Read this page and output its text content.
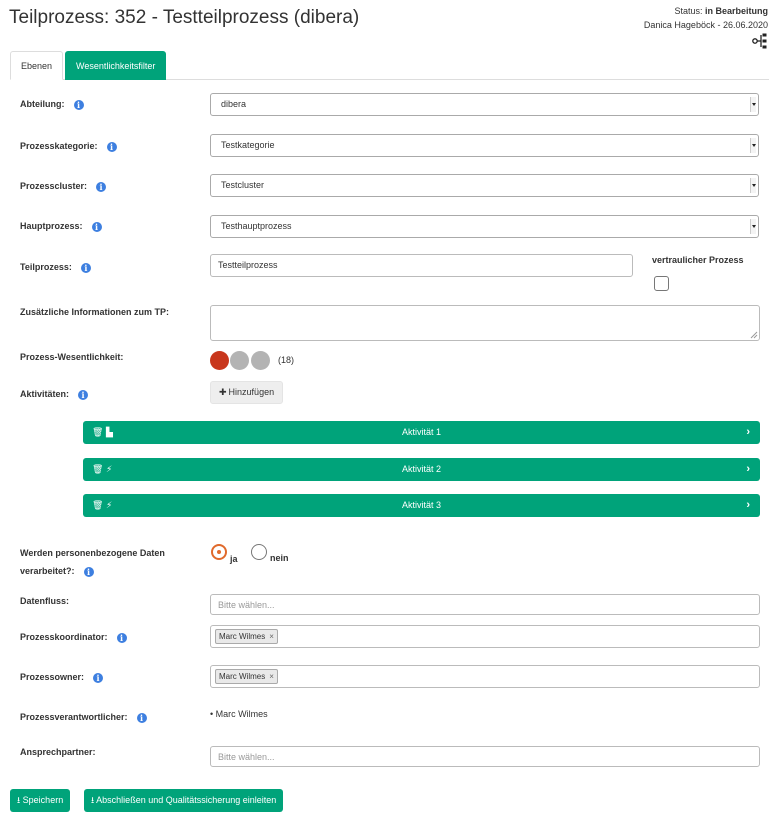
Teilprozess: 352 - Testteilprozess (dibera)	Status: in Bearbeitung
Danica Hageböck - 26.06.2020
Ebenen	Wesentlichkeitsfilter
Abteilung: i	dibera
Prozesskategorie: i	Testkategorie
Prozesscluster: i	Testcluster
Hauptprozess: i	Testhauptprozess
Teilprozess: i	Testteilprozess	vertraulicher Prozess
Zusätzliche Informationen zum TP:
Prozess-Wesentlichkeit:	(18)
Aktivitäten: i	✚ Hinzufügen
🗑 ▙	Aktivität 1	›
🗑 ⚡	Aktivität 2	›
🗑 ⚡	Aktivität 3	›
Werden personenbezogene Daten
verarbeitet?: i
ja	nein
Datenfluss:	Bitte wählen...
Prozesskoordinator: i	Marc Wilmes ×
Prozessowner: i	Marc Wilmes ×
Prozessverantwortlicher: i	• Marc Wilmes
Ansprechpartner:	Bitte wählen...
⭳ Speichern	⭳ Abschließen und Qualitätssicherung einleiten
